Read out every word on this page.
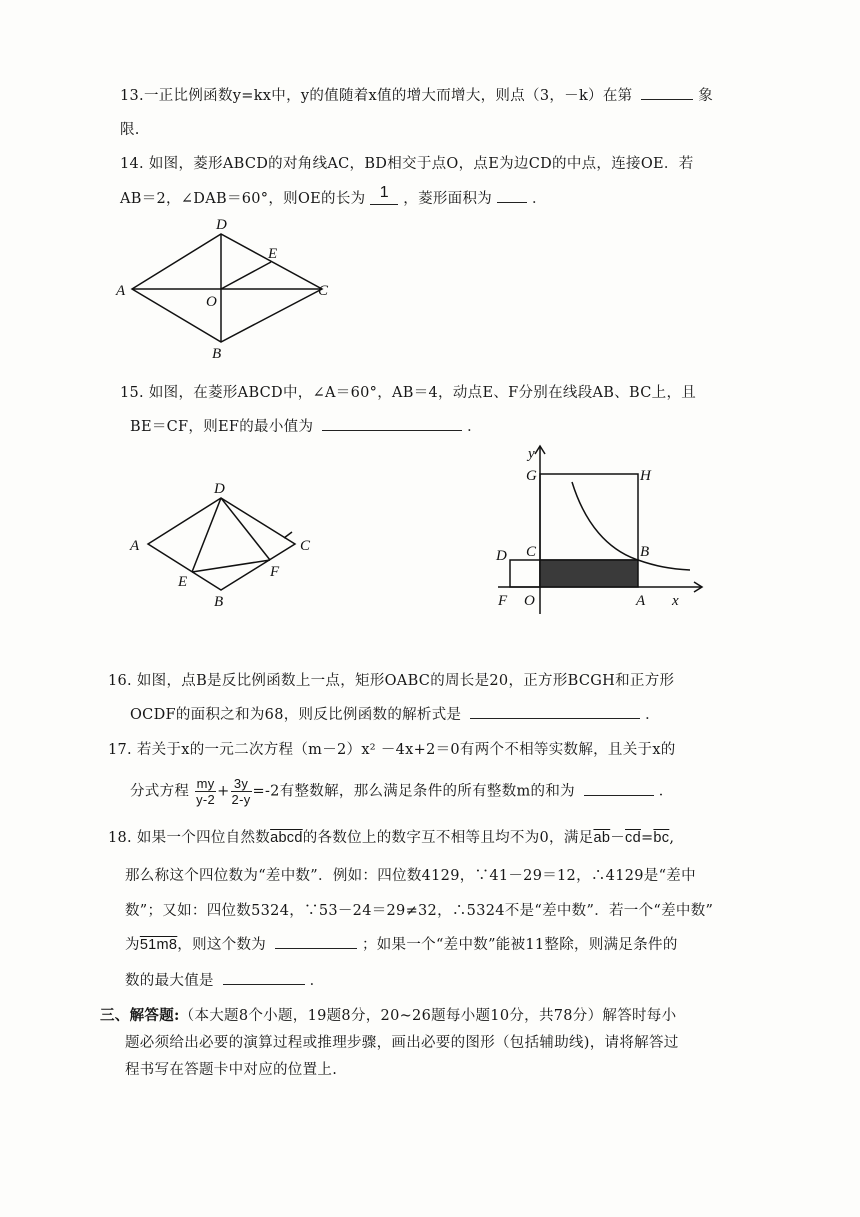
13.一正比例函数y=kx中，y的值随着x值的增大而增大，则点（3，－k）在第	象
限.
14. 如图，菱形ABCD的对角线AC，BD相交于点O，点E为边CD的中点，连接OE．若
AB＝2，∠DAB＝60°，则OE的长为 1 ，菱形面积为	．
A
D
E
O
C
B
15. 如图，在菱形ABCD中，∠A＝60°，AB＝4，动点E、F分别在线段AB、BC上，且
BE＝CF，则EF的最小值为	．
A
D
C
E
F
B
y
G	H
D C	B
F O	A x
16. 如图，点B是反比例函数上一点，矩形OABC的周长是20，正方形BCGH和正方形
OCDF的面积之和为68，则反比例函数的解析式是	．
17. 若关于x的一元二次方程（m－2）x² －4x+2＝0有两个不相等实数解，且关于x的
分式方程 $\frac{my}{y-2} + \frac{3y}{2-y} =-2$有整数解，那么满足条件的所有整数m的和为	．
18. 如果一个四位自然数abcd的各数位上的数字互不相等且均不为0，满足$\overline{ab}-\overline{cd}=\overline{bc}$,
那么称这个四位数为“差中数”．例如：四位数4129，∵41－29＝12，∴4129是“差中
数”；又如：四位数5324，∵53－24＝29≠32，∴5324不是“差中数”．若一个“差中数”
为51m8，则这个数为	；如果一个“差中数”能被11整除，则满足条件的
数的最大值是	．
三、解答题:（本大题8个小题，19题8分，20~26题每小题10分，共78分）解答时每小
题必须给出必要的演算过程或推理步骤，画出必要的图形（包括辅助线)，请将解答过
程书写在答题卡中对应的位置上.
